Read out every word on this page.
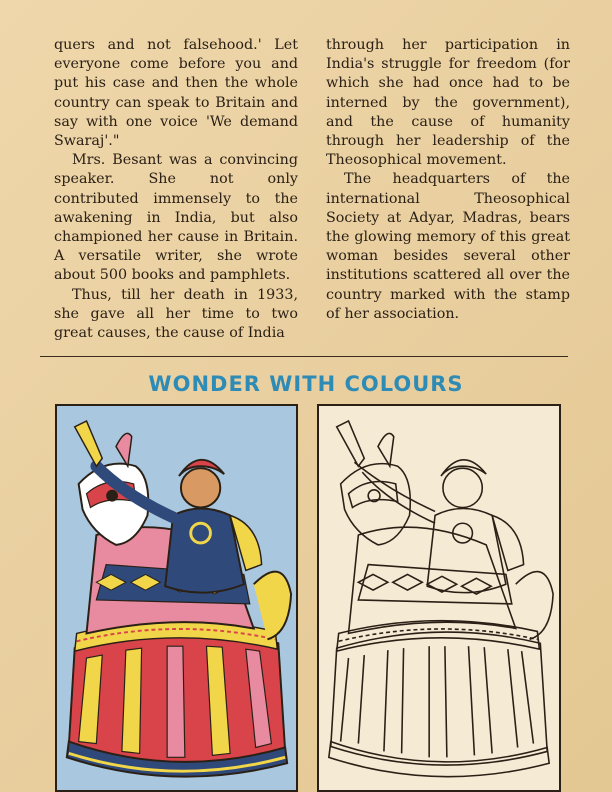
quers and not falsehood.' Let everyone come before you and put his case and then the whole country can speak to Britain and say with one voice 'We demand Swaraj'."

Mrs. Besant was a convincing speaker. She not only contributed immensely to the awakening in India, but also championed her cause in Britain. A versatile writer, she wrote about 500 books and pamphlets.

Thus, till her death in 1933, she gave all her time to two great causes, the cause of India

through her participation in India's struggle for freedom (for which she had once had to be interned by the government), and the cause of humanity through her leadership of the Theosophical movement.

The headquarters of the international Theosophical Society at Adyar, Madras, bears the glowing memory of this great woman besides several other institutions scattered all over the country marked with the stamp of her association.

WONDER WITH COLOURS
